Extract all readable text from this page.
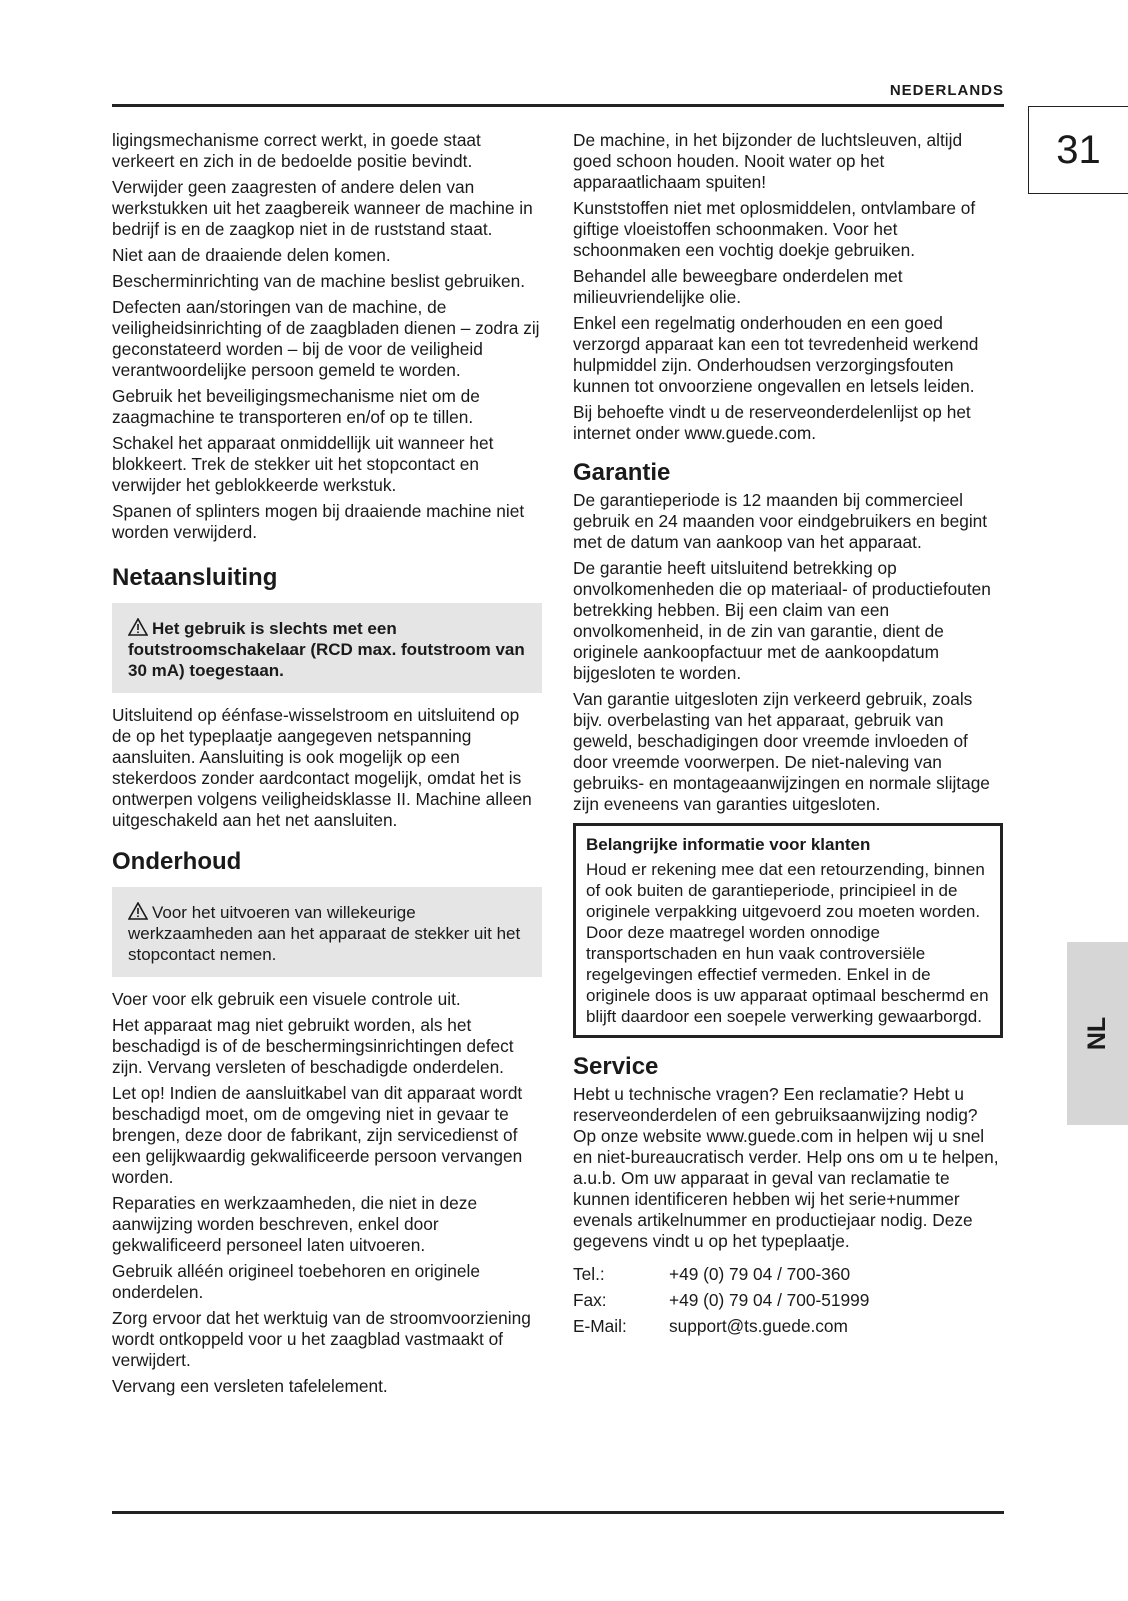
NEDERLANDS
31
NL

ligingsmechanisme correct werkt, in goede staat verkeert en zich in de bedoelde positie bevindt.

Verwijder geen zaagresten of andere delen van werkstukken uit het zaagbereik wanneer de machine in bedrijf is en de zaagkop niet in de ruststand staat.

Niet aan de draaiende delen komen.

Bescherminrichting van de machine beslist gebruiken.

Defecten aan/storingen van de machine, de veiligheidsinrichting of de zaagbladen dienen – zodra zij geconstateerd worden – bij de voor de veiligheid verantwoordelijke persoon gemeld te worden.

Gebruik het beveiligingsmechanisme niet om de zaagmachine te transporteren en/of op te tillen.

Schakel het apparaat onmiddellijk uit wanneer het blokkeert. Trek de stekker uit het stopcontact en verwijder het geblokkeerde werkstuk.

Spanen of splinters mogen bij draaiende machine niet worden verwijderd.

Netaansluiting
Het gebruik is slechts met een foutstroomschakelaar (RCD max. foutstroom van 30 mA) toegestaan.

Uitsluitend op éénfase-wisselstroom en uitsluitend op de op het typeplaatje aangegeven netspanning aansluiten. Aansluiting is ook mogelijk op een stekerdoos zonder aardcontact mogelijk, omdat het is ontwerpen volgens veiligheidsklasse II. Machine alleen uitgeschakeld aan het net aansluiten.

Onderhoud
Voor het uitvoeren van willekeurige werkzaamheden aan het apparaat de stekker uit het stopcontact nemen.

Voer voor elk gebruik een visuele controle uit.

Het apparaat mag niet gebruikt worden, als het beschadigd is of de beschermingsinrichtingen defect zijn. Vervang versleten of beschadigde onderdelen.

Let op! Indien de aansluitkabel van dit apparaat wordt beschadigd moet, om de omgeving niet in gevaar te brengen, deze door de fabrikant, zijn servicedienst of een gelijkwaardig gekwalificeerde persoon vervangen worden.

Reparaties en werkzaamheden, die niet in deze aanwijzing worden beschreven, enkel door gekwalificeerd personeel laten uitvoeren.

Gebruik alléén origineel toebehoren en originele onderdelen.

Zorg ervoor dat het werktuig van de stroomvoorziening wordt ontkoppeld voor u het zaagblad vastmaakt of verwijdert.

Vervang een versleten tafelelement.

De machine, in het bijzonder de luchtsleuven, altijd goed schoon houden. Nooit water op het apparaatlichaam spuiten!

Kunststoffen niet met oplosmiddelen, ontvlambare of giftige vloeistoffen schoonmaken. Voor het schoonmaken een vochtig doekje gebruiken.

Behandel alle beweegbare onderdelen met milieuvriendelijke olie.

Enkel een regelmatig onderhouden en een goed verzorgd apparaat kan een tot tevredenheid werkend hulpmiddel zijn. Onderhoudsen verzorgingsfouten kunnen tot onvoorziene ongevallen en letsels leiden.

Bij behoefte vindt u de reserveonderdelenlijst op het internet onder www.guede.com.

Garantie

De garantieperiode is 12 maanden bij commercieel gebruik en 24 maanden voor eindgebruikers en begint met de datum van aankoop van het apparaat.

De garantie heeft uitsluitend betrekking op onvolkomenheden die op materiaal- of productiefouten betrekking hebben. Bij een claim van een onvolkomenheid, in de zin van garantie, dient de originele aankoopfactuur met de aankoopdatum bijgesloten te worden.

Van garantie uitgesloten zijn verkeerd gebruik, zoals bijv. overbelasting van het apparaat, gebruik van geweld, beschadigingen door vreemde invloeden of door vreemde voorwerpen. De niet-naleving van gebruiks- en montageaanwijzingen en normale slijtage zijn eveneens van garanties uitgesloten.

Belangrijke informatie voor klanten
Houd er rekening mee dat een retourzending, binnen of ook buiten de garantieperiode, principieel in de originele verpakking uitgevoerd zou moeten worden. Door deze maatregel worden onnodige transportschaden en hun vaak controversiële regelgevingen effectief vermeden. Enkel in de originele doos is uw apparaat optimaal beschermd en blijft daardoor een soepele verwerking gewaarborgd.
Service

Hebt u technische vragen? Een reclamatie? Hebt u reserveonderdelen of een gebruiksaanwijzing nodig? Op onze website www.guede.com in helpen wij u snel en niet-bureaucratisch verder. Help ons om u te helpen, a.u.b. Om uw apparaat in geval van reclamatie te kunnen identificeren hebben wij het serie+nummer evenals artikelnummer en productiejaar nodig. Deze gegevens vindt u op het typeplaatje.

Tel.:	+49 (0) 79 04 / 700-360
Fax:	+49 (0) 79 04 / 700-51999
E-Mail:	support@ts.guede.com
